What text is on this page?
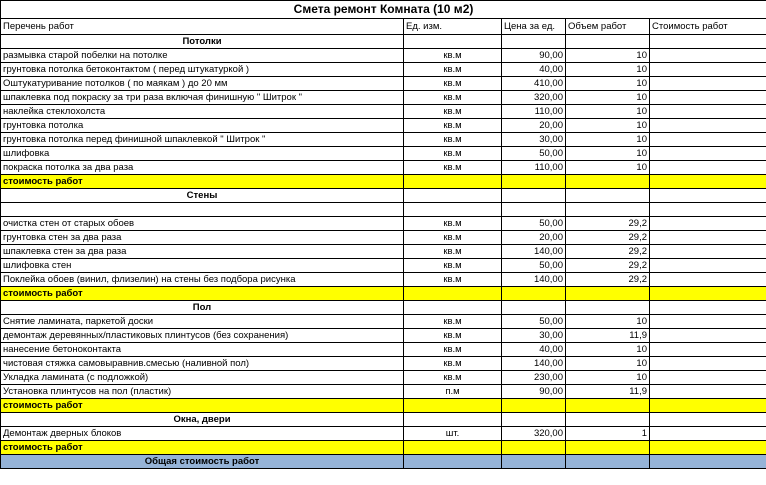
Смета ремонт Комната (10 м2)				
Перечень работ	Ед. изм.	Цена за ед.	Объем работ	Стоимость работ
Потолки				
размывка старой побелки на потолке	кв.м	90,00	10	
грунтовка потолка бетоконтактом ( перед штукатуркой )	кв.м	40,00	10	
Оштукатуривание потолков ( по маякам ) до 20 мм	кв.м	410,00	10	
шпаклевка под покраску за три раза включая финишную " Шитрок "	кв.м	320,00	10	
наклейка стеклохолста	кв.м	110,00	10	
грунтовка потолка	кв.м	20,00	10	
грунтовка потолка перед финишной шпаклевкой " Шитрок "	кв.м	30,00	10	
шлифовка	кв.м	50,00	10	
покраска потолка за два раза	кв.м	110,00	10	
стоимость работ				
Стены				

очистка стен от старых обоев	кв.м	50,00	29,2	
грунтовка стен за два раза	кв.м	20,00	29,2	
шпаклевка стен за два раза	кв.м	140,00	29,2	
шлифовка стен	кв.м	50,00	29,2	
Поклейка обоев (винил, флизелин) на стены без подбора рисунка	кв.м	140,00	29,2	
стоимость работ				
Пол				
Снятие ламината, паркетой доски	кв.м	50,00	10	
демонтаж деревянных/пластиковых плинтусов (без сохранения)	кв.м	30,00	11,9	
нанесение бетоноконтакта	кв.м	40,00	10	
чистовая стяжка самовыравнив.смесью (наливной пол)	кв.м	140,00	10	
Укладка ламината (с подложкой)	кв.м	230,00	10	
Установка плинтусов на пол (пластик)	п.м	90,00	11,9	
стоимость работ				
Окна, двери				
Демонтаж дверных блоков	шт.	320,00	1	
стоимость работ				
Общая стоимость работ				
